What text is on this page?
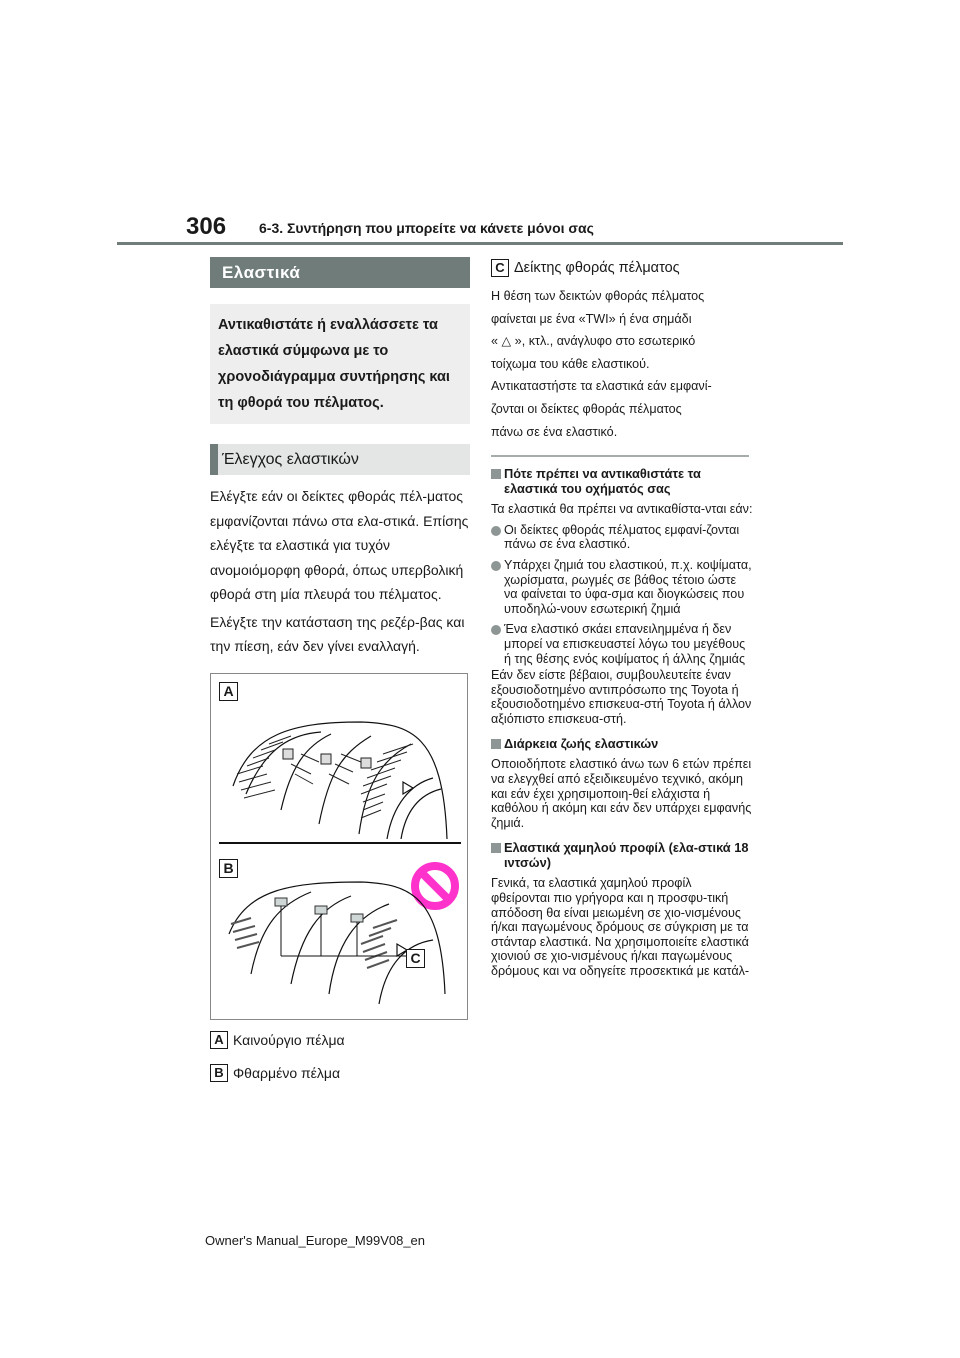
306 6-3. Συντήρηση που μπορείτε να κάνετε μόνοι σας
Ελαστικά
Αντικαθιστάτε ή εναλλάσσετε τα ελαστικά σύμφωνα με το χρονοδιάγραμμα συντήρησης και τη φθορά του πέλματος.
Έλεγχος ελαστικών

Ελέγξτε εάν οι δείκτες φθοράς πέλ-ματος εμφανίζονται πάνω στα ελα-στικά. Επίσης ελέγξτε τα ελαστικά για τυχόν ανομοιόμορφη φθορά, όπως υπερβολική φθορά στη μία πλευρά του πέλματος.

Ελέγξτε την κατάσταση της ρεζέρ-βας και την πίεση, εάν δεν γίνει εναλλαγή.

A
B
C
A Καινούργιο πέλμα
B Φθαρμένο πέλμα
C Δείκτης φθοράς πέλματος
Η θέση των δεικτών φθοράς πέλματος
φαίνεται με ένα «TWI» ή ένα σημάδι
« △ », κτλ., ανάγλυφο στο εσωτερικό
τοίχωμα του κάθε ελαστικού.
Αντικαταστήστε τα ελαστικά εάν εμφανί-
ζονται οι δείκτες φθοράς πέλματος
πάνω σε ένα ελαστικό.
Πότε πρέπει να αντικαθιστάτε τα ελαστικά του οχήματός σας

Τα ελαστικά θα πρέπει να αντικαθίστα-νται εάν:

Οι δείκτες φθοράς πέλματος εμφανί-ζονται πάνω σε ένα ελαστικό.
Υπάρχει ζημιά του ελαστικού, π.χ. κοψίματα, χωρίσματα, ρωγμές σε βάθος τέτοιο ώστε να φαίνεται το ύφα-σμα και διογκώσεις που υποδηλώ-νουν εσωτερική ζημιά
Ένα ελαστικό σκάει επανειλημμένα ή δεν μπορεί να επισκευαστεί λόγω του μεγέθους ή της θέσης ενός κοψίματος ή άλλης ζημιάς

Εάν δεν είστε βέβαιοι, συμβουλευτείτε έναν εξουσιοδοτημένο αντιπρόσωπο της Toyota ή εξουσιοδοτημένο επισκευα-στή Toyota ή άλλον αξιόπιστο επισκευα-στή.

Διάρκεια ζωής ελαστικών

Οποιοδήποτε ελαστικό άνω των 6 ετών πρέπει να ελεγχθεί από εξειδικευμένο τεχνικό, ακόμη και εάν έχει χρησιμοποιη-θεί ελάχιστα ή καθόλου ή ακόμη και εάν δεν υπάρχει εμφανής ζημιά.

Ελαστικά χαμηλού προφίλ (ελα-στικά 18 ιντσών)

Γενικά, τα ελαστικά χαμηλού προφίλ φθείρονται πιο γρήγορα και η προσφυ-τική απόδοση θα είναι μειωμένη σε χιο-νισμένους ή/και παγωμένους δρόμους σε σύγκριση με τα στάνταρ ελαστικά. Να χρησιμοποιείτε ελαστικά χιονιού σε χιο-νισμένους ή/και παγωμένους δρόμους και να οδηγείτε προσεκτικά με κατάλ-

Owner's Manual_Europe_M99V08_en
